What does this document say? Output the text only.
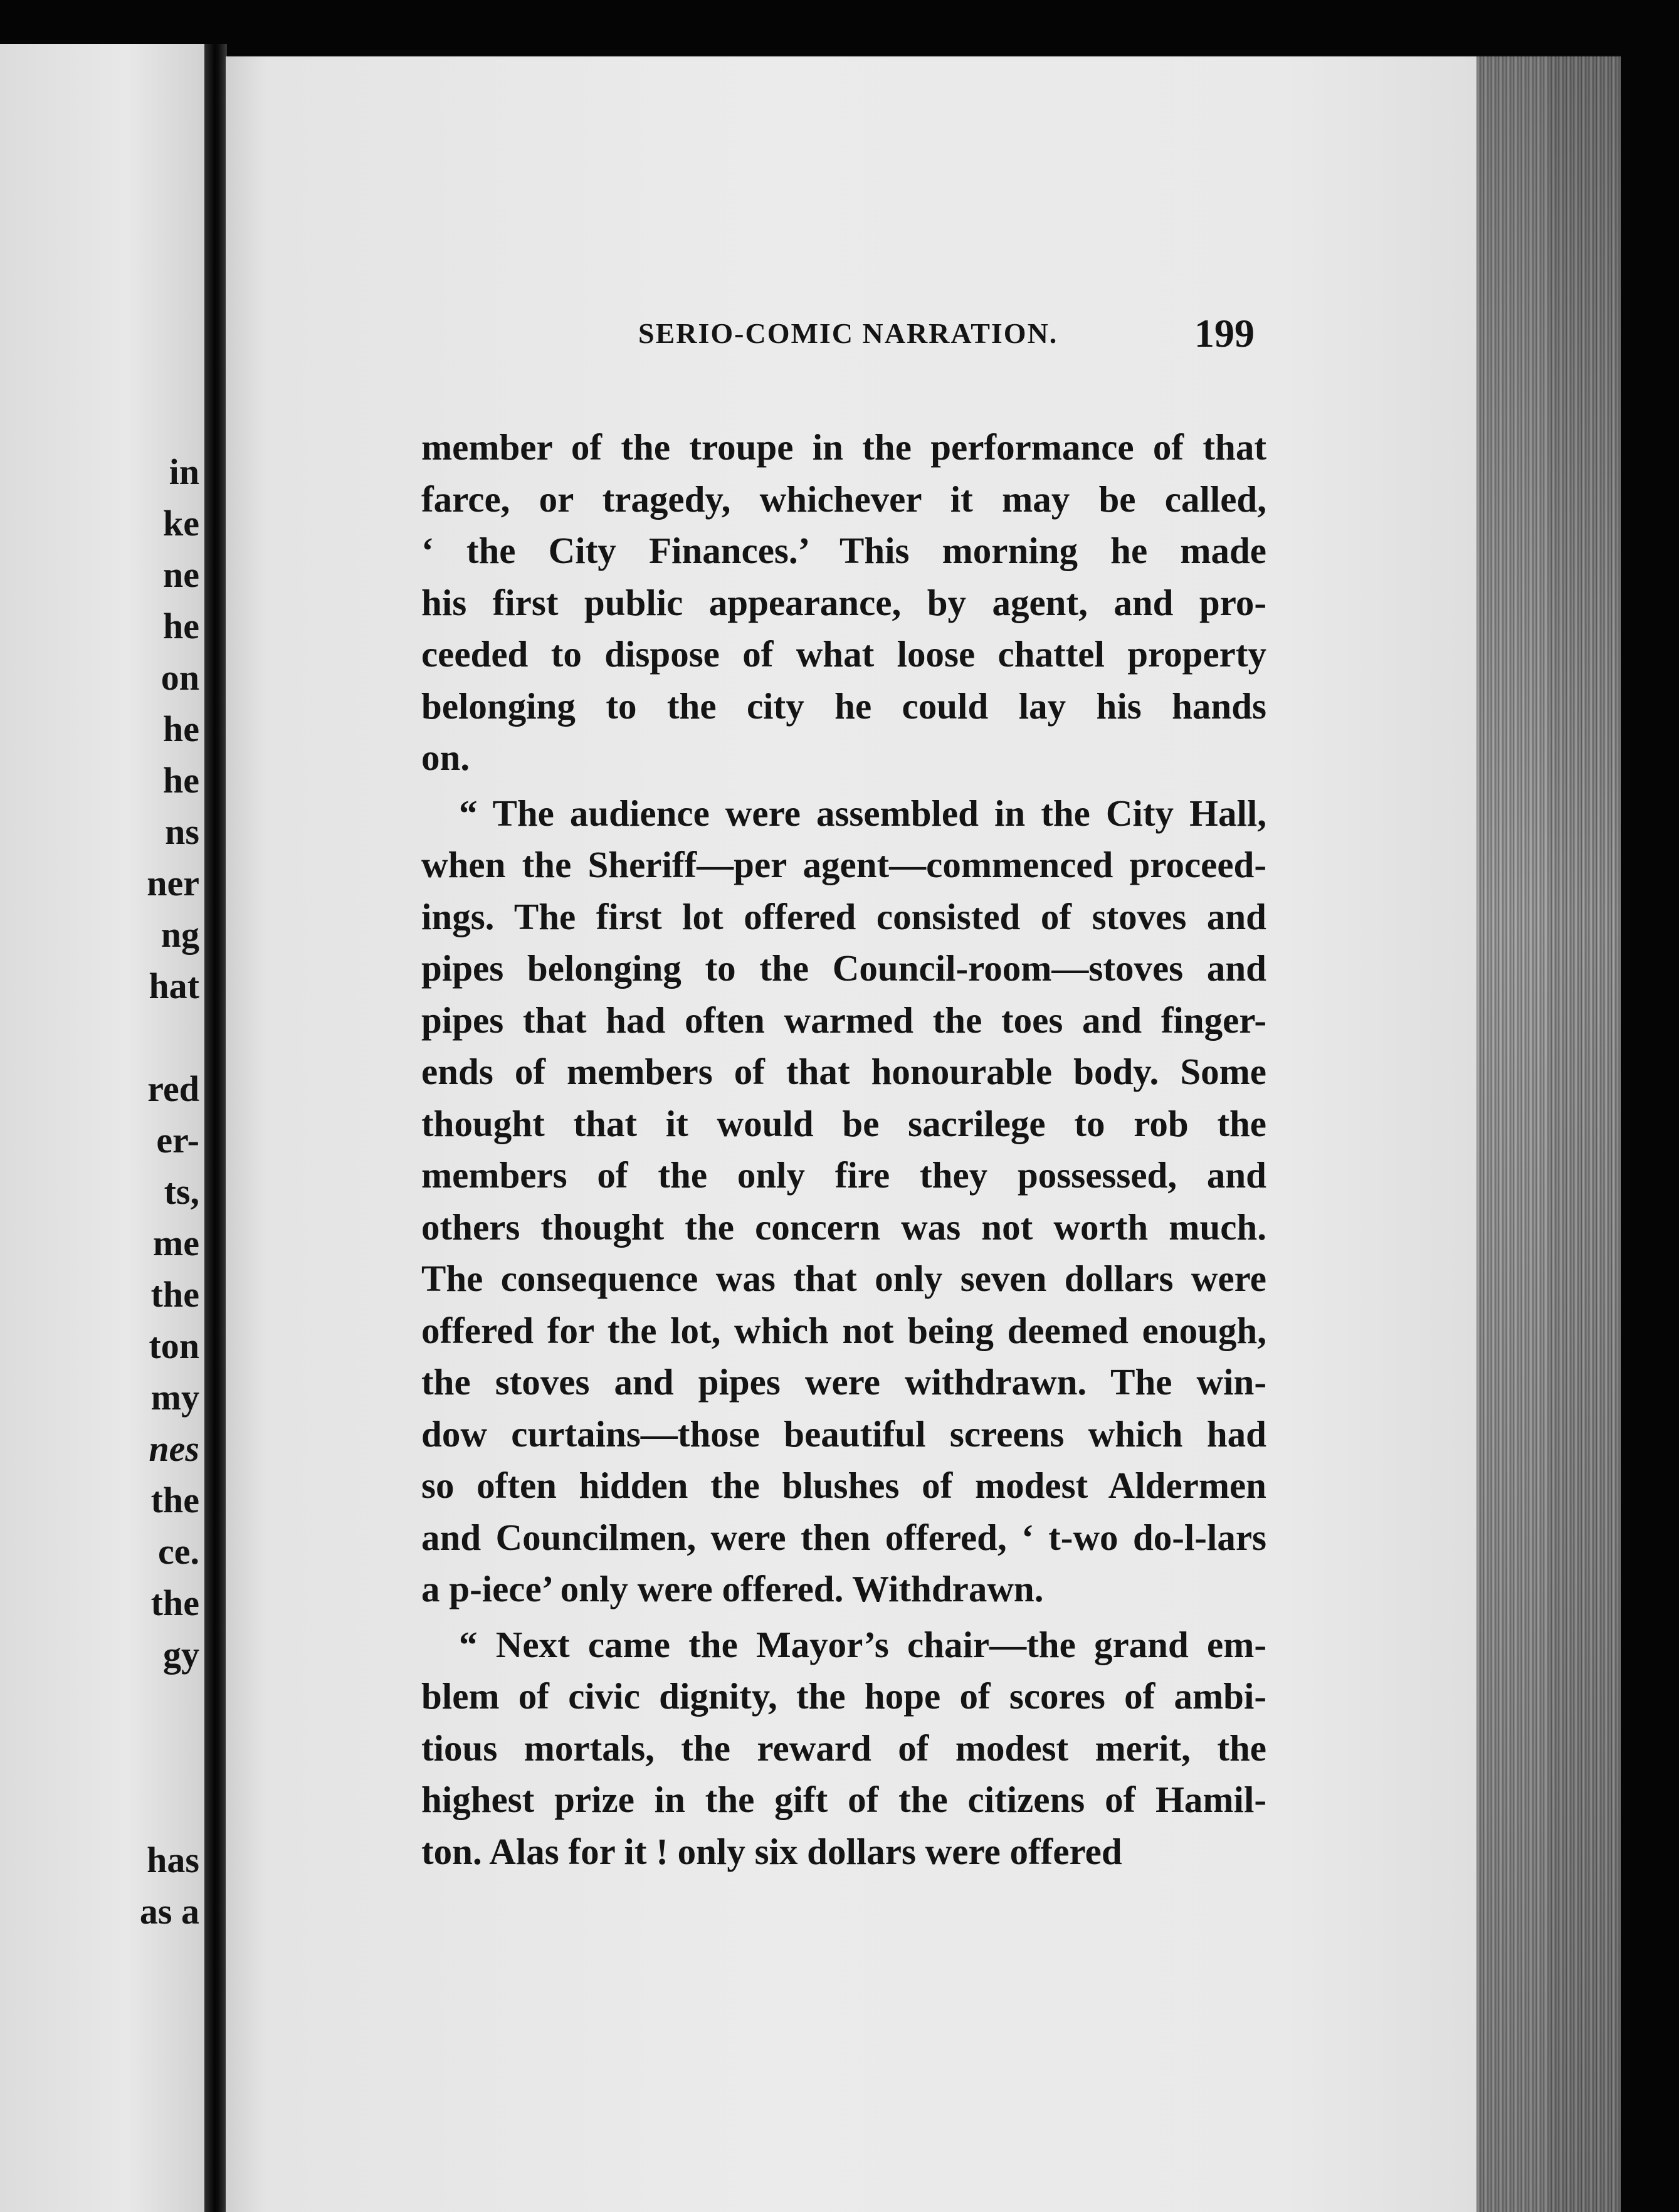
in
ke
ne
he
on
he
he
ns
ner
ng
hat
red
er-
ts,
me
the
ton
my
nes
the
ce.
the
gy
has
as a
SERIO-COMIC NARRATION.	199
member of the troupe in the performance of that
farce, or tragedy, whichever it may be called,
‘ the City Finances.’ This morning he made
his first public appearance, by agent, and pro-
ceeded to dispose of what loose chattel property
belonging to the city he could lay his hands
on.
“ The audience were assembled in the City Hall,
when the Sheriff—per agent—commenced proceed-
ings. The first lot offered consisted of stoves and
pipes belonging to the Council-room—stoves and
pipes that had often warmed the toes and finger-
ends of members of that honourable body. Some
thought that it would be sacrilege to rob the
members of the only fire they possessed, and
others thought the concern was not worth much.
The consequence was that only seven dollars were
offered for the lot, which not being deemed enough,
the stoves and pipes were withdrawn. The win-
dow curtains—those beautiful screens which had
so often hidden the blushes of modest Aldermen
and Councilmen, were then offered, ‘ t-wo do-l-lars
a p-iece’ only were offered. Withdrawn.
“ Next came the Mayor’s chair—the grand em-
blem of civic dignity, the hope of scores of ambi-
tious mortals, the reward of modest merit, the
highest prize in the gift of the citizens of Hamil-
ton. Alas for it ! only six dollars were offered
